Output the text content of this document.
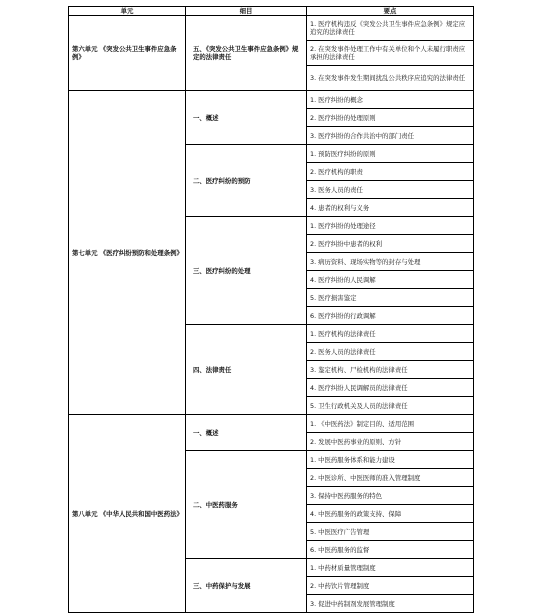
单元	细目	要点
第六单元 《突发公共卫生事件应急条例》	五、《突发公共卫生事件应急条例》规定的法律责任	1. 医疗机构违反《突发公共卫生事件应急条例》规定应追究的法律责任
		2. 在突发事件处理工作中有关单位和个人未履行职责应承担的法律责任
		3. 在突发事件发生期间扰乱公共秩序应追究的法律责任
第七单元 《医疗纠纷预防和处理条例》	一、概述	1. 医疗纠纷的概念
		2. 医疗纠纷的处理原则
		3. 医疗纠纷的合作共治中的部门责任
	二、医疗纠纷的预防	1. 预防医疗纠纷的原则
		2. 医疗机构的职责
		3. 医务人员的责任
		4. 患者的权利与义务
	三、医疗纠纷的处理	1. 医疗纠纷的处理途径
		2. 医疗纠纷中患者的权利
		3. 病历资料、现场实物等的封存与处理
		4. 医疗纠纷的人民调解
		5. 医疗损害鉴定
		6. 医疗纠纷的行政调解
	四、法律责任	1. 医疗机构的法律责任
		2. 医务人员的法律责任
		3. 鉴定机构、尸检机构的法律责任
		4. 医疗纠纷人民调解员的法律责任
		5. 卫生行政机关及人员的法律责任
第八单元 《中华人民共和国中医药法》	一、概述	1. 《中医药法》制定目的、适用范围
		2. 发展中医药事业的原则、方针
	二、中医药服务	1. 中医药服务体系和能力建设
		2. 中医诊所、中医医师的准入管理制度
		3. 保持中医药服务的特色
		4. 中医药服务的政策支持、保障
		5. 中医医疗广告管理
		6. 中医药服务的监督
	三、中药保护与发展	1. 中药材质量管理制度
		2. 中药饮片管理制度
		3. 促进中药制剂发展管理制度
